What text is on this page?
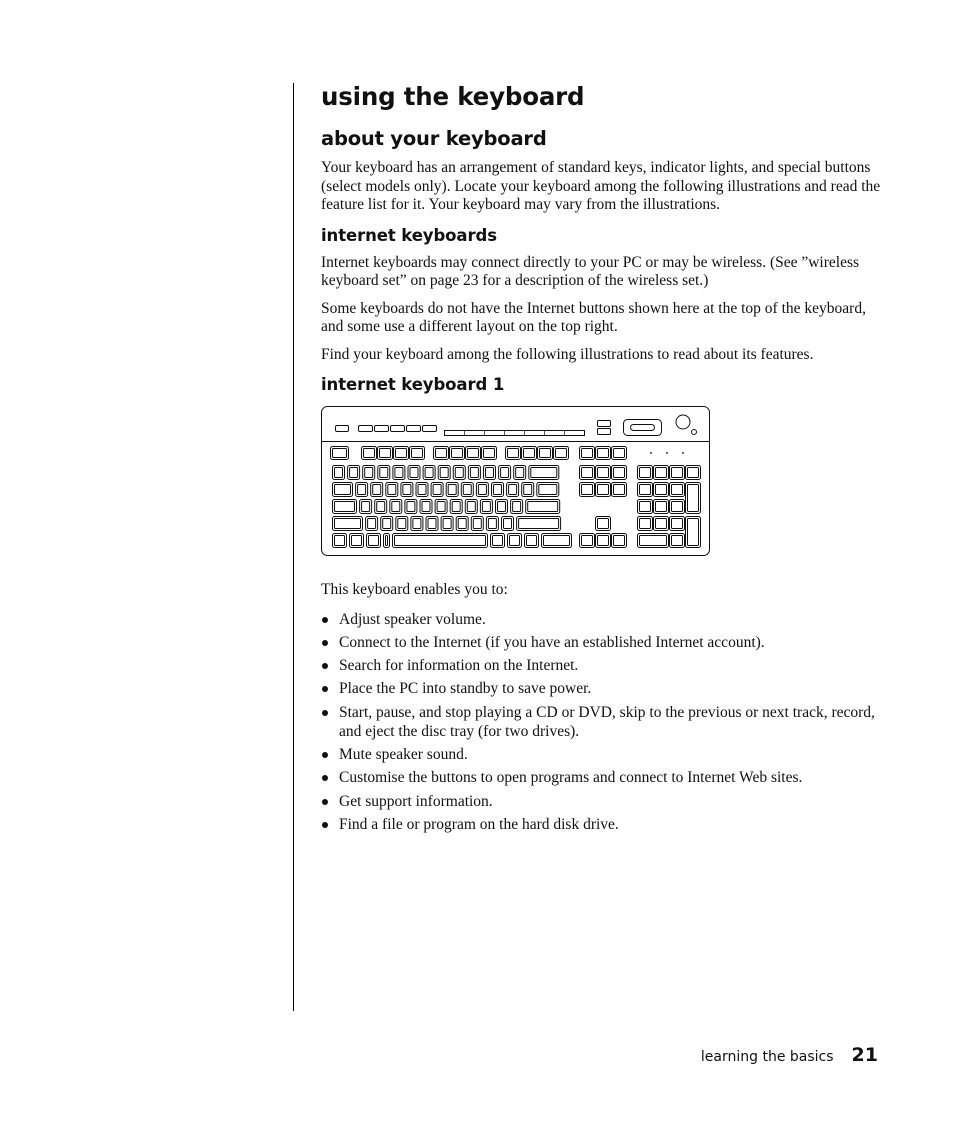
using the keyboard
about your keyboard

Your keyboard has an arrangement of standard keys, indicator lights, and special buttons (select models only). Locate your keyboard among the following illustrations and read the feature list for it. Your keyboard may vary from the illustrations.

internet keyboards

Internet keyboards may connect directly to your PC or may be wireless. (See ”wireless keyboard set” on page 23 for a description of the wireless set.)

Some keyboards do not have the Internet buttons shown here at the top of the keyboard, and some use a different layout on the top right.

Find your keyboard among the following illustrations to read about its features.

internet keyboard 1

This keyboard enables you to:

Adjust speaker volume.
Connect to the Internet (if you have an established Internet account).
Search for information on the Internet.
Place the PC into standby to save power.
Start, pause, and stop playing a CD or DVD, skip to the previous or next track, record, and eject the disc tray (for two drives).
Mute speaker sound.
Customise the buttons to open programs and connect to Internet Web sites.
Get support information.
Find a file or program on the hard disk drive.
learning the basics 21
